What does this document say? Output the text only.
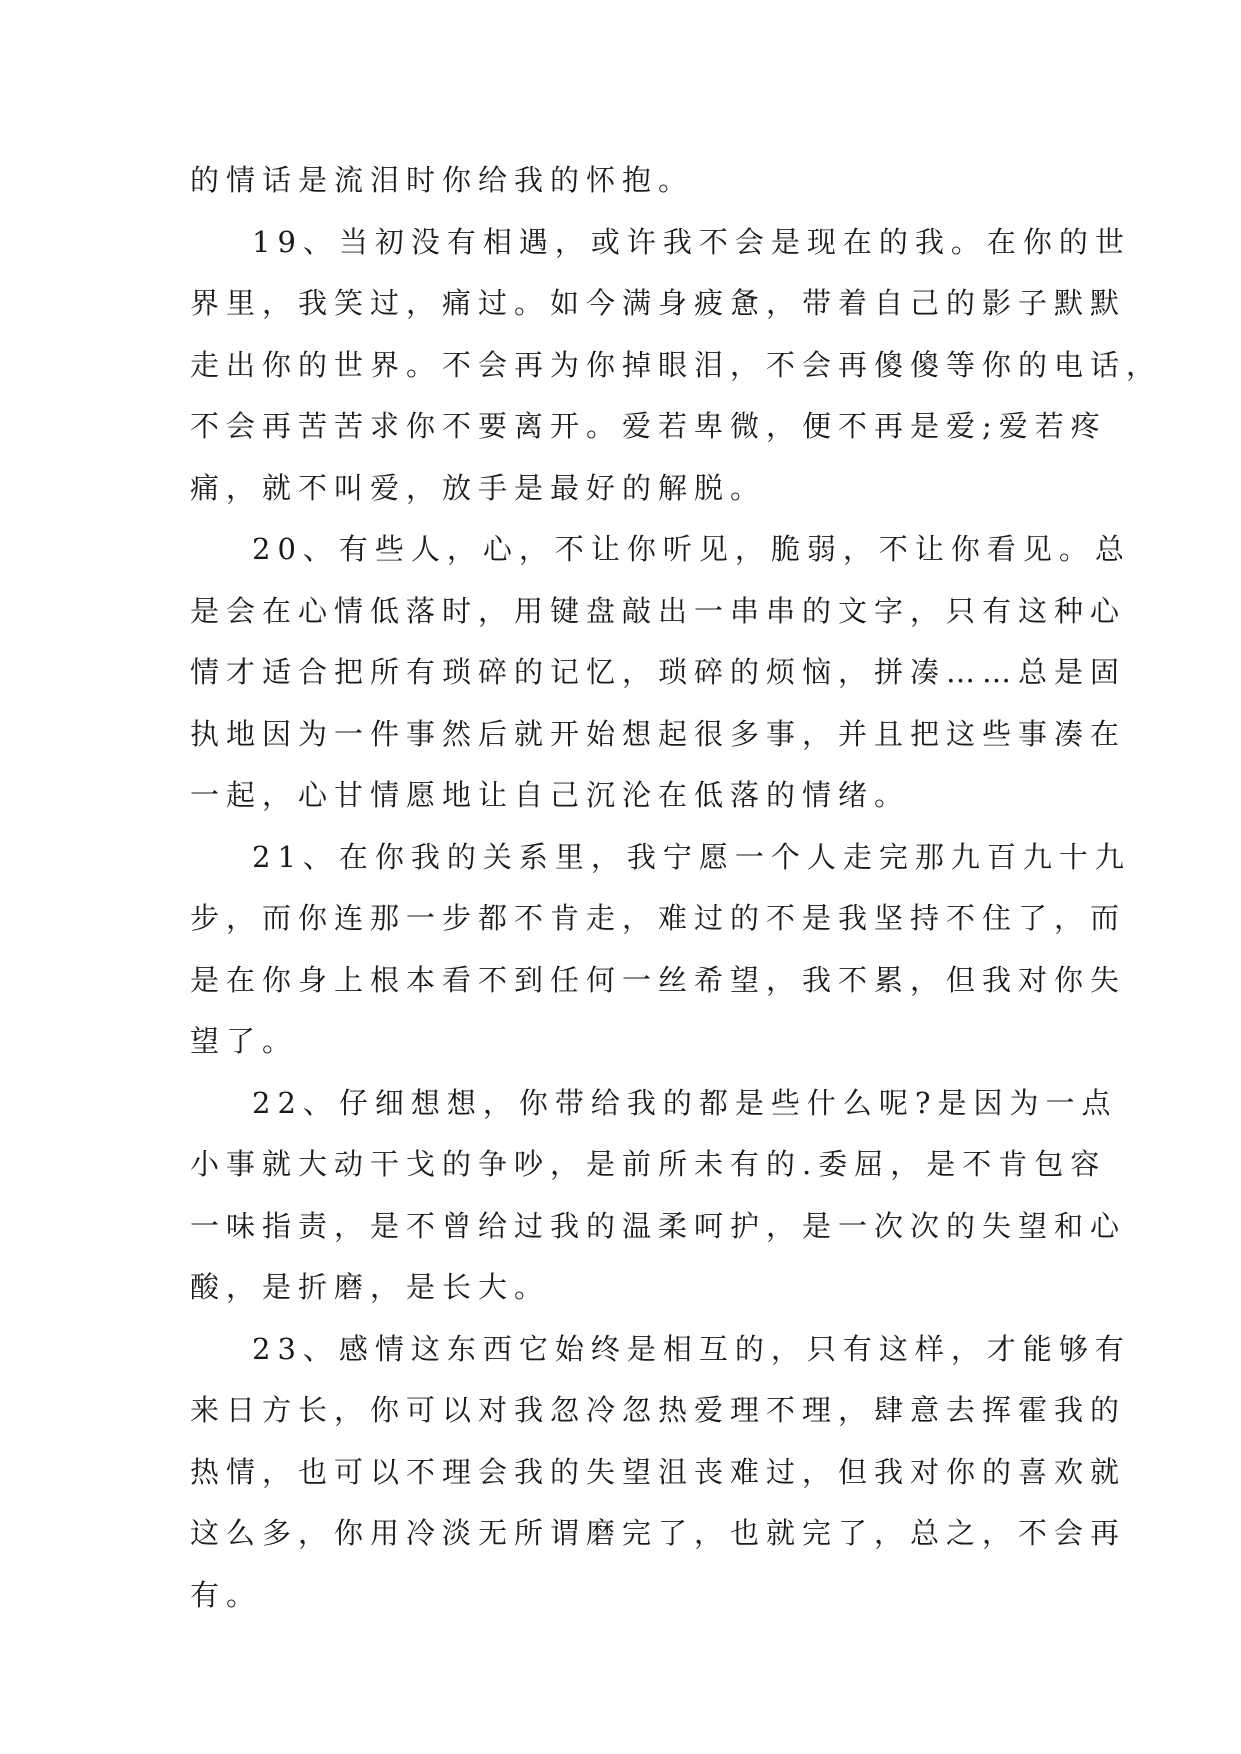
的情话是流泪时你给我的怀抱。

19、当初没有相遇，或许我不会是现在的我。在你的世
界里，我笑过，痛过。如今满身疲惫，带着自己的影子默默
走出你的世界。不会再为你掉眼泪，不会再傻傻等你的电话，
不会再苦苦求你不要离开。爱若卑微，便不再是爱;爱若疼
痛，就不叫爱，放手是最好的解脱。

20、有些人，心，不让你听见，脆弱，不让你看见。总
是会在心情低落时，用键盘敲出一串串的文字，只有这种心
情才适合把所有琐碎的记忆，琐碎的烦恼，拼凑……总是固
执地因为一件事然后就开始想起很多事，并且把这些事凑在
一起，心甘情愿地让自己沉沦在低落的情绪。

21、在你我的关系里，我宁愿一个人走完那九百九十九
步，而你连那一步都不肯走，难过的不是我坚持不住了，而
是在你身上根本看不到任何一丝希望，我不累，但我对你失
望了。

22、仔细想想，你带给我的都是些什么呢?是因为一点
小事就大动干戈的争吵，是前所未有的.委屈，是不肯包容
一味指责，是不曾给过我的温柔呵护，是一次次的失望和心
酸，是折磨，是长大。

23、感情这东西它始终是相互的，只有这样，才能够有
来日方长，你可以对我忽冷忽热爱理不理，肆意去挥霍我的
热情，也可以不理会我的失望沮丧难过，但我对你的喜欢就
这么多，你用冷淡无所谓磨完了，也就完了，总之，不会再
有。
